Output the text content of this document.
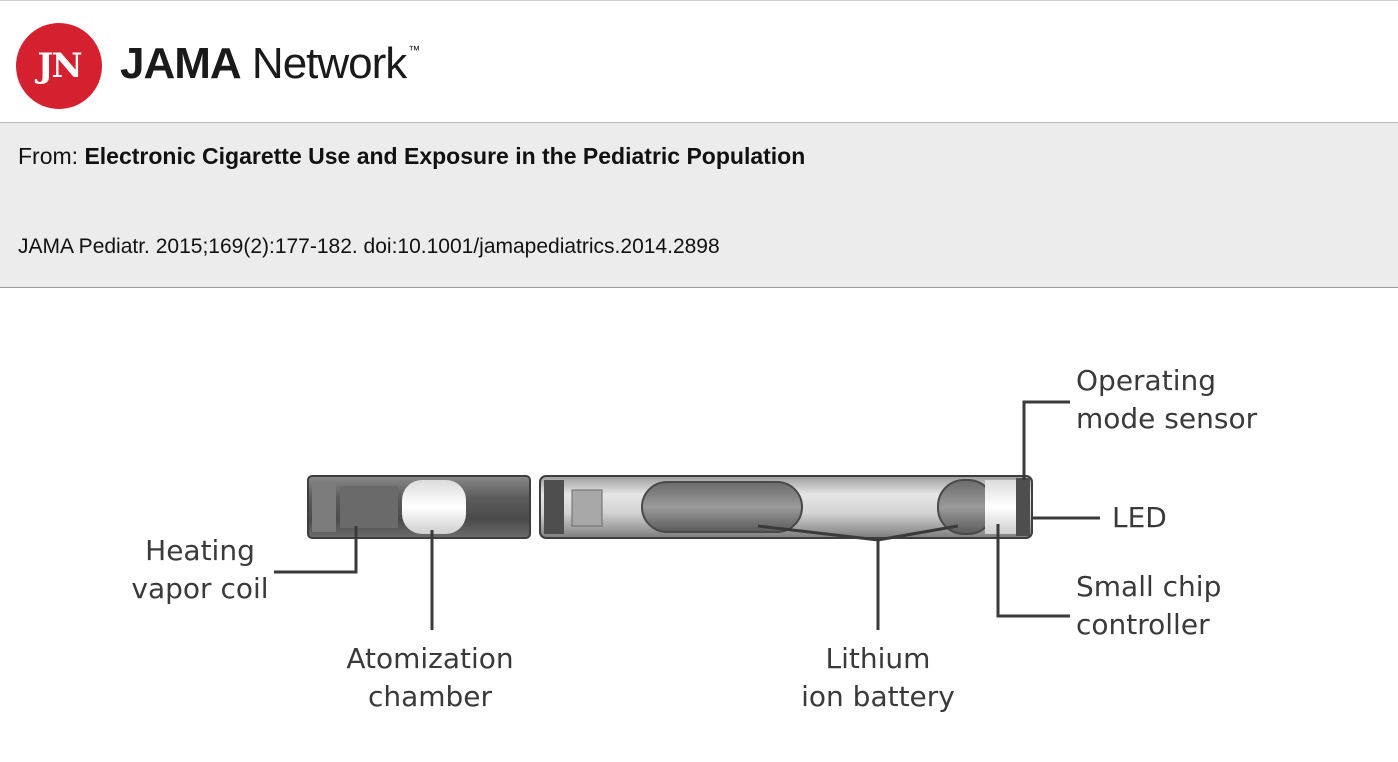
JN JAMA Network ™
From: Electronic Cigarette Use and Exposure in the Pediatric Population
JAMA Pediatr. 2015;169(2):177-182. doi:10.1001/jamapediatrics.2014.2898
Operating
mode sensor
LED
Heating
vapor coil	Small chip
controller
Atomization
chamber
Lithium
ion battery
